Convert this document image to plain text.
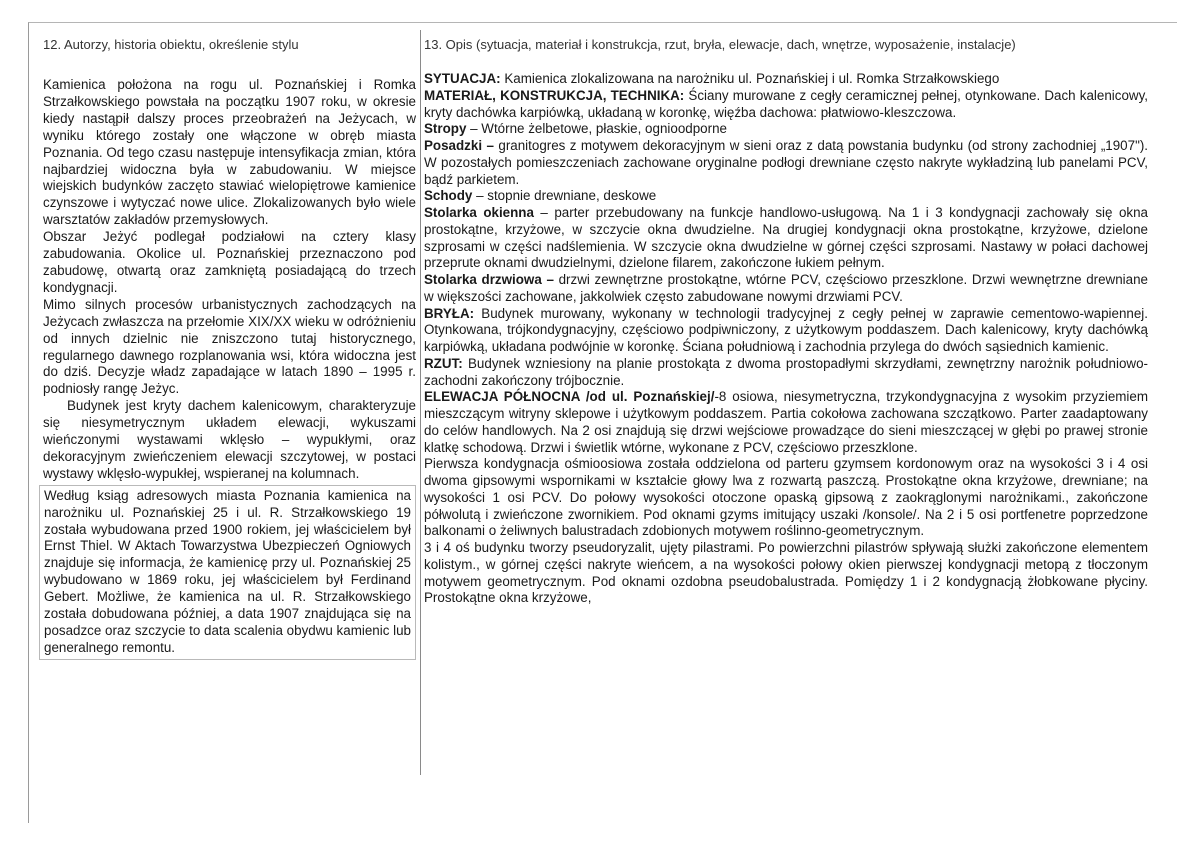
12. Autorzy, historia obiektu, określenie stylu

Kamienica położona na rogu ul. Poznańskiej i Romka Strzałkowskiego powstała na początku 1907 roku, w okresie kiedy nastąpił dalszy proces przeobrażeń na Jeżycach, w wyniku którego zostały one włączone w obręb miasta Poznania. Od tego czasu następuje intensyfikacja zmian, która najbardziej widoczna była w zabudowaniu. W miejsce wiejskich budynków zaczęto stawiać wielopiętrowe kamienice czynszowe i wytyczać nowe ulice. Zlokalizowanych było wiele warsztatów zakładów przemysłowych.

Obszar Jeżyć podlegał podziałowi na cztery klasy zabudowania. Okolice ul. Poznańskiej przeznaczono pod zabudowę, otwartą oraz zamkniętą posiadającą do trzech kondygnacji.

Mimo silnych procesów urbanistycznych zachodzących na Jeżycach zwłaszcza na przełomie XIX/XX wieku w odróżnieniu od innych dzielnic nie zniszczono tutaj historycznego, regularnego dawnego rozplanowania wsi, która widoczna jest do dziś. Decyzje władz zapadające w latach 1890 – 1995 r. podniosły rangę Jeżyc.

Budynek jest kryty dachem kalenicowym, charakteryzuje się niesymetrycznym układem elewacji, wykuszami wieńczonymi wystawami wklęsło – wypukłymi, oraz dekoracyjnym zwieńczeniem elewacji szczytowej, w postaci wystawy wklęsło-wypukłej, wspieranej na kolumnach.

Według ksiąg adresowych miasta Poznania kamienica na narożniku ul. Poznańskiej 25 i ul. R. Strzałkowskiego 19 została wybudowana przed 1900 rokiem, jej właścicielem był Ernst Thiel. W Aktach Towarzystwa Ubezpieczeń Ogniowych znajduje się informacja, że kamienicę przy ul. Poznańskiej 25 wybudowano w 1869 roku, jej właścicielem był Ferdinand Gebert. Możliwe, że kamienica na ul. R. Strzałkowskiego została dobudowana później, a data 1907 znajdująca się na posadzce oraz szczycie to data scalenia obydwu kamienic lub generalnego remontu.

13. Opis (sytuacja, materiał i konstrukcja, rzut, bryła, elewacje, dach, wnętrze, wyposażenie, instalacje)

SYTUACJA: Kamienica zlokalizowana na narożniku ul. Poznańskiej i ul. Romka Strzałkowskiego

MATERIAŁ, KONSTRUKCJA, TECHNIKA: Ściany murowane z cegły ceramicznej pełnej, otynkowane. Dach kalenicowy, kryty dachówka karpiówką, układaną w koronkę, więźba dachowa: płatwiowo-kleszczowa.

Stropy – Wtórne żelbetowe, płaskie, ognioodporne

Posadzki – granitogres z motywem dekoracyjnym w sieni oraz z datą powstania budynku (od strony zachodniej „1907"). W pozostałych pomieszczeniach zachowane oryginalne podłogi drewniane często nakryte wykładziną lub panelami PCV, bądź parkietem.

Schody – stopnie drewniane, deskowe

Stolarka okienna – parter przebudowany na funkcje handlowo-usługową. Na 1 i 3 kondygnacji zachowały się okna prostokątne, krzyżowe, w szczycie okna dwudzielne. Na drugiej kondygnacji okna prostokątne, krzyżowe, dzielone szprosami w części nadślemienia. W szczycie okna dwudzielne w górnej części szprosami. Nastawy w połaci dachowej przeprute oknami dwudzielnymi, dzielone filarem, zakończone łukiem pełnym.

Stolarka drzwiowa – drzwi zewnętrzne prostokątne, wtórne PCV, częściowo przeszklone. Drzwi wewnętrzne drewniane w większości zachowane, jakkolwiek często zabudowane nowymi drzwiami PCV.

BRYŁA: Budynek murowany, wykonany w technologii tradycyjnej z cegły pełnej w zaprawie cementowo-wapiennej. Otynkowana, trójkondygnacyjny, częściowo podpiwniczony, z użytkowym poddaszem. Dach kalenicowy, kryty dachówką karpiówką, układana podwójnie w koronkę. Ściana południową i zachodnia przylega do dwóch sąsiednich kamienic.

RZUT: Budynek wzniesiony na planie prostokąta z dwoma prostopadłymi skrzydłami, zewnętrzny narożnik południowo-zachodni zakończony trójbocznie.

ELEWACJA PÓŁNOCNA /od ul. Poznańskiej/-8 osiowa, niesymetryczna, trzykondygnacyjna z wysokim przyziemiem mieszczącym witryny sklepowe i użytkowym poddaszem. Partia cokołowa zachowana szczątkowo. Parter zaadaptowany do celów handlowych. Na 2 osi znajdują się drzwi wejściowe prowadzące do sieni mieszczącej w głębi po prawej stronie klatkę schodową. Drzwi i świetlik wtórne, wykonane z PCV, częściowo przeszklone.

Pierwsza kondygnacja ośmioosiowa została oddzielona od parteru gzymsem kordonowym oraz na wysokości 3 i 4 osi dwoma gipsowymi wspornikami w kształcie głowy lwa z rozwartą paszczą. Prostokątne okna krzyżowe, drewniane; na wysokości 1 osi PCV. Do połowy wysokości otoczone opaską gipsową z zaokrąglonymi narożnikami., zakończone półwolutą i zwieńczone zwornikiem. Pod oknami gzyms imitujący uszaki /konsole/. Na 2 i 5 osi portfenetre poprzedzone balkonami o żeliwnych balustradach zdobionych motywem roślinno-geometrycznym.

3 i 4 oś budynku tworzy pseudoryzalit, ujęty pilastrami. Po powierzchni pilastrów spływają służki zakończone elementem kolistym., w górnej części nakryte wieńcem, a na wysokości połowy okien pierwszej kondygnacji metopą z tłoczonym motywem geometrycznym. Pod oknami ozdobna pseudobalustrada. Pomiędzy 1 i 2 kondygnacją żłobkowane płyciny. Prostokątne okna krzyżowe,
